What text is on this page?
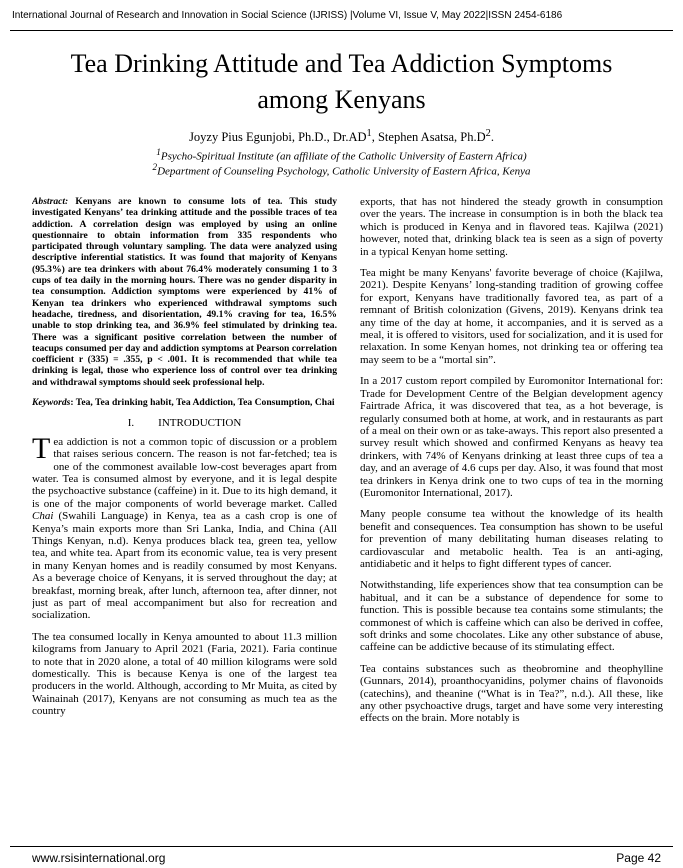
International Journal of Research and Innovation in Social Science (IJRISS) |Volume VI, Issue V, May 2022|ISSN 2454-6186
Tea Drinking Attitude and Tea Addiction Symptoms
among Kenyans
Joyzy Pius Egunjobi, Ph.D., $Dr.AD^1$, Stephen Asatsa, $Ph.D^2$.
$^1$Psycho-Spiritual Institute (an affiliate of the Catholic University of Eastern Africa)
$^2$Department of Counseling Psychology, Catholic University of Eastern Africa, Kenya

Abstract: Kenyans are known to consume lots of tea. This study investigated Kenyans’ tea drinking attitude and the possible traces of tea addiction. A correlation design was employed by using an online questionnaire to obtain information from 335 respondents who participated through voluntary sampling. The data were analyzed using descriptive inferential statistics. It was found that majority of Kenyans (95.3%) are tea drinkers with about 76.4% moderately consuming 1 to 3 cups of tea daily in the morning hours. There was no gender disparity in tea consumption. Addiction symptoms were experienced by 41% of Kenyan tea drinkers who experienced withdrawal symptoms such headache, tiredness, and disorientation, 49.1% craving for tea, 16.5% unable to stop drinking tea, and 36.9% feel stimulated by drinking tea. There was a significant positive correlation between the number of teacups consumed per day and addiction symptoms at Pearson correlation coefficient r (335) = .355, p < .001. It is recommended that while tea drinking is legal, those who experience loss of control over tea drinking and withdrawal symptoms should seek professional help.

Keywords: Tea, Tea drinking habit, Tea Addiction, Tea Consumption, Chai

I. INTRODUCTION

Tea addiction is not a common topic of discussion or a problem that raises serious concern. The reason is not far-fetched; tea is one of the commonest available low-cost beverages apart from water. Tea is consumed almost by everyone, and it is legal despite the psychoactive substance (caffeine) in it. Due to its high demand, it is one of the major components of world beverage market. Called Chai (Swahili Language) in Kenya, tea as a cash crop is one of Kenya’s main exports more than Sri Lanka, India, and China (All Things Kenyan, n.d). Kenya produces black tea, green tea, yellow tea, and white tea. Apart from its economic value, tea is very present in many Kenyan homes and is readily consumed by most Kenyans. As a beverage choice of Kenyans, it is served throughout the day; at breakfast, morning break, after lunch, afternoon tea, after dinner, not just as part of meal accompaniment but also for recreation and socialization.

The tea consumed locally in Kenya amounted to about 11.3 million kilograms from January to April 2021 (Faria, 2021). Faria continue to note that in 2020 alone, a total of 40 million kilograms were sold domestically. This is because Kenya is one of the largest tea producers in the world. Although, according to Mr Muita, as cited by Wainainah (2017), Kenyans are not consuming as much tea as the country

exports, that has not hindered the steady growth in consumption over the years. The increase in consumption is in both the black tea which is produced in Kenya and in flavored teas. Kajilwa (2021) however, noted that, drinking black tea is seen as a sign of poverty in a typical Kenyan home setting.

Tea might be many Kenyans' favorite beverage of choice (Kajilwa, 2021). Despite Kenyans’ long-standing tradition of growing coffee for export, Kenyans have traditionally favored tea, as part of a remnant of British colonization (Givens, 2019). Kenyans drink tea any time of the day at home, it accompanies, and it is served as a meal, it is offered to visitors, used for socialization, and it is used for relaxation. In some Kenyan homes, not drinking tea or offering tea may seem to be a “mortal sin”.

In a 2017 custom report compiled by Euromonitor International for: Trade for Development Centre of the Belgian development agency Fairtrade Africa, it was discovered that tea, as a hot beverage, is regularly consumed both at home, at work, and in restaurants as part of a meal on their own or as take-aways. This report also presented a survey result which showed and confirmed Kenyans as heavy tea drinkers, with 74% of Kenyans drinking at least three cups of tea a day, and an average of 4.6 cups per day. Also, it was found that most tea drinkers in Kenya drink one to two cups of tea in the morning (Euromonitor International, 2017).

Many people consume tea without the knowledge of its health benefit and consequences. Tea consumption has shown to be useful for prevention of many debilitating human diseases relating to cardiovascular and metabolic health. Tea is an anti-aging, antidiabetic and it helps to fight different types of cancer.

Notwithstanding, life experiences show that tea consumption can be habitual, and it can be a substance of dependence for some to function. This is possible because tea contains some stimulants; the commonest of which is caffeine which can also be derived in coffee, soft drinks and some chocolates. Like any other substance of abuse, caffeine can be addictive because of its stimulating effect.

Tea contains substances such as theobromine and theophylline (Gunnars, 2014), proanthocyanidins, polymer chains of flavonoids (catechins), and theanine (“What is in Tea?”, n.d.). All these, like any other psychoactive drugs, target and have some very interesting effects on the brain. More notably is

www.rsisinternational.org	Page 42
